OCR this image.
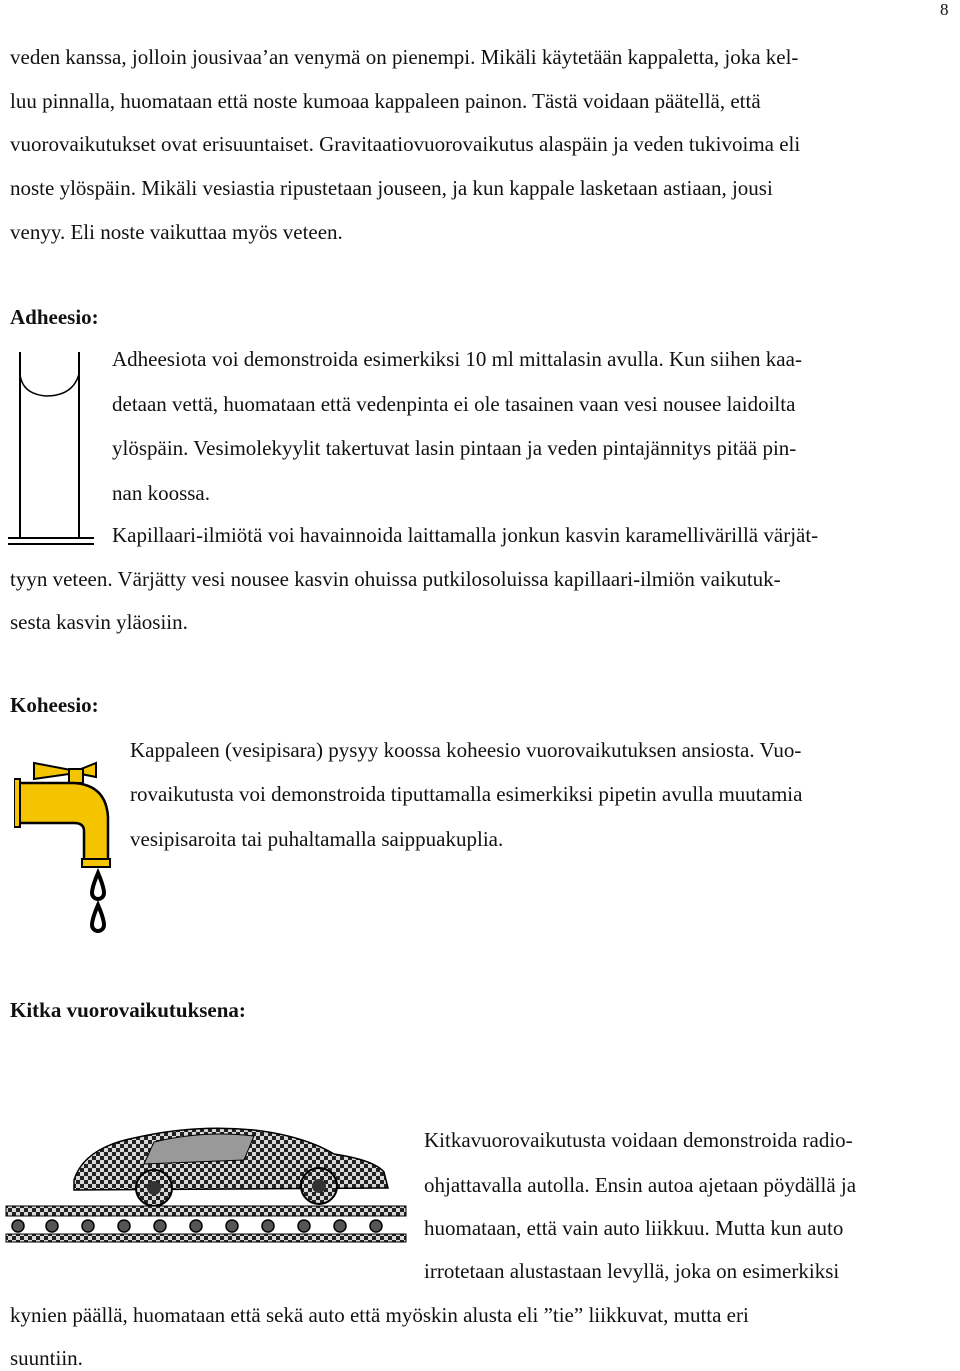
8
veden kanssa, jolloin jousivaa’an venymä on pienempi. Mikäli käytetään kappaletta, joka kel-
luu pinnalla, huomataan että noste kumoaa kappaleen painon. Tästä voidaan päätellä, että
vuorovaikutukset ovat erisuuntaiset. Gravitaatiovuorovaikutus alaspäin ja veden tukivoima eli
noste ylöspäin. Mikäli vesiastia ripustetaan jouseen, ja kun kappale lasketaan astiaan, jousi
venyy. Eli noste vaikuttaa myös veteen.
Adheesio:
Adheesiota voi demonstroida esimerkiksi 10 ml mittalasin avulla. Kun siihen kaa-
detaan vettä, huomataan että vedenpinta ei ole tasainen vaan vesi nousee laidoilta
ylöspäin. Vesimolekyylit takertuvat lasin pintaan ja veden pintajännitys pitää pin-
nan koossa.
Kapillaari-ilmiötä voi havainnoida laittamalla jonkun kasvin karamellivärillä värjät-
tyyn veteen. Värjätty vesi nousee kasvin ohuissa putkilosoluissa kapillaari-ilmiön vaikutuk-
sesta kasvin yläosiin.
Koheesio:
Kappaleen (vesipisara) pysyy koossa koheesio vuorovaikutuksen ansiosta. Vuo-
rovaikutusta voi demonstroida tiputtamalla esimerkiksi pipetin avulla muutamia
vesipisaroita tai puhaltamalla saippuakuplia.
Kitka vuorovaikutuksena:
Kitkavuorovaikutusta voidaan demonstroida radio-
ohjattavalla autolla. Ensin autoa ajetaan pöydällä ja
huomataan, että vain auto liikkuu. Mutta kun auto
irrotetaan alustastaan levyllä, joka on esimerkiksi
kynien päällä, huomataan että sekä auto että myöskin alusta eli ”tie” liikkuvat, mutta eri
suuntiin.
